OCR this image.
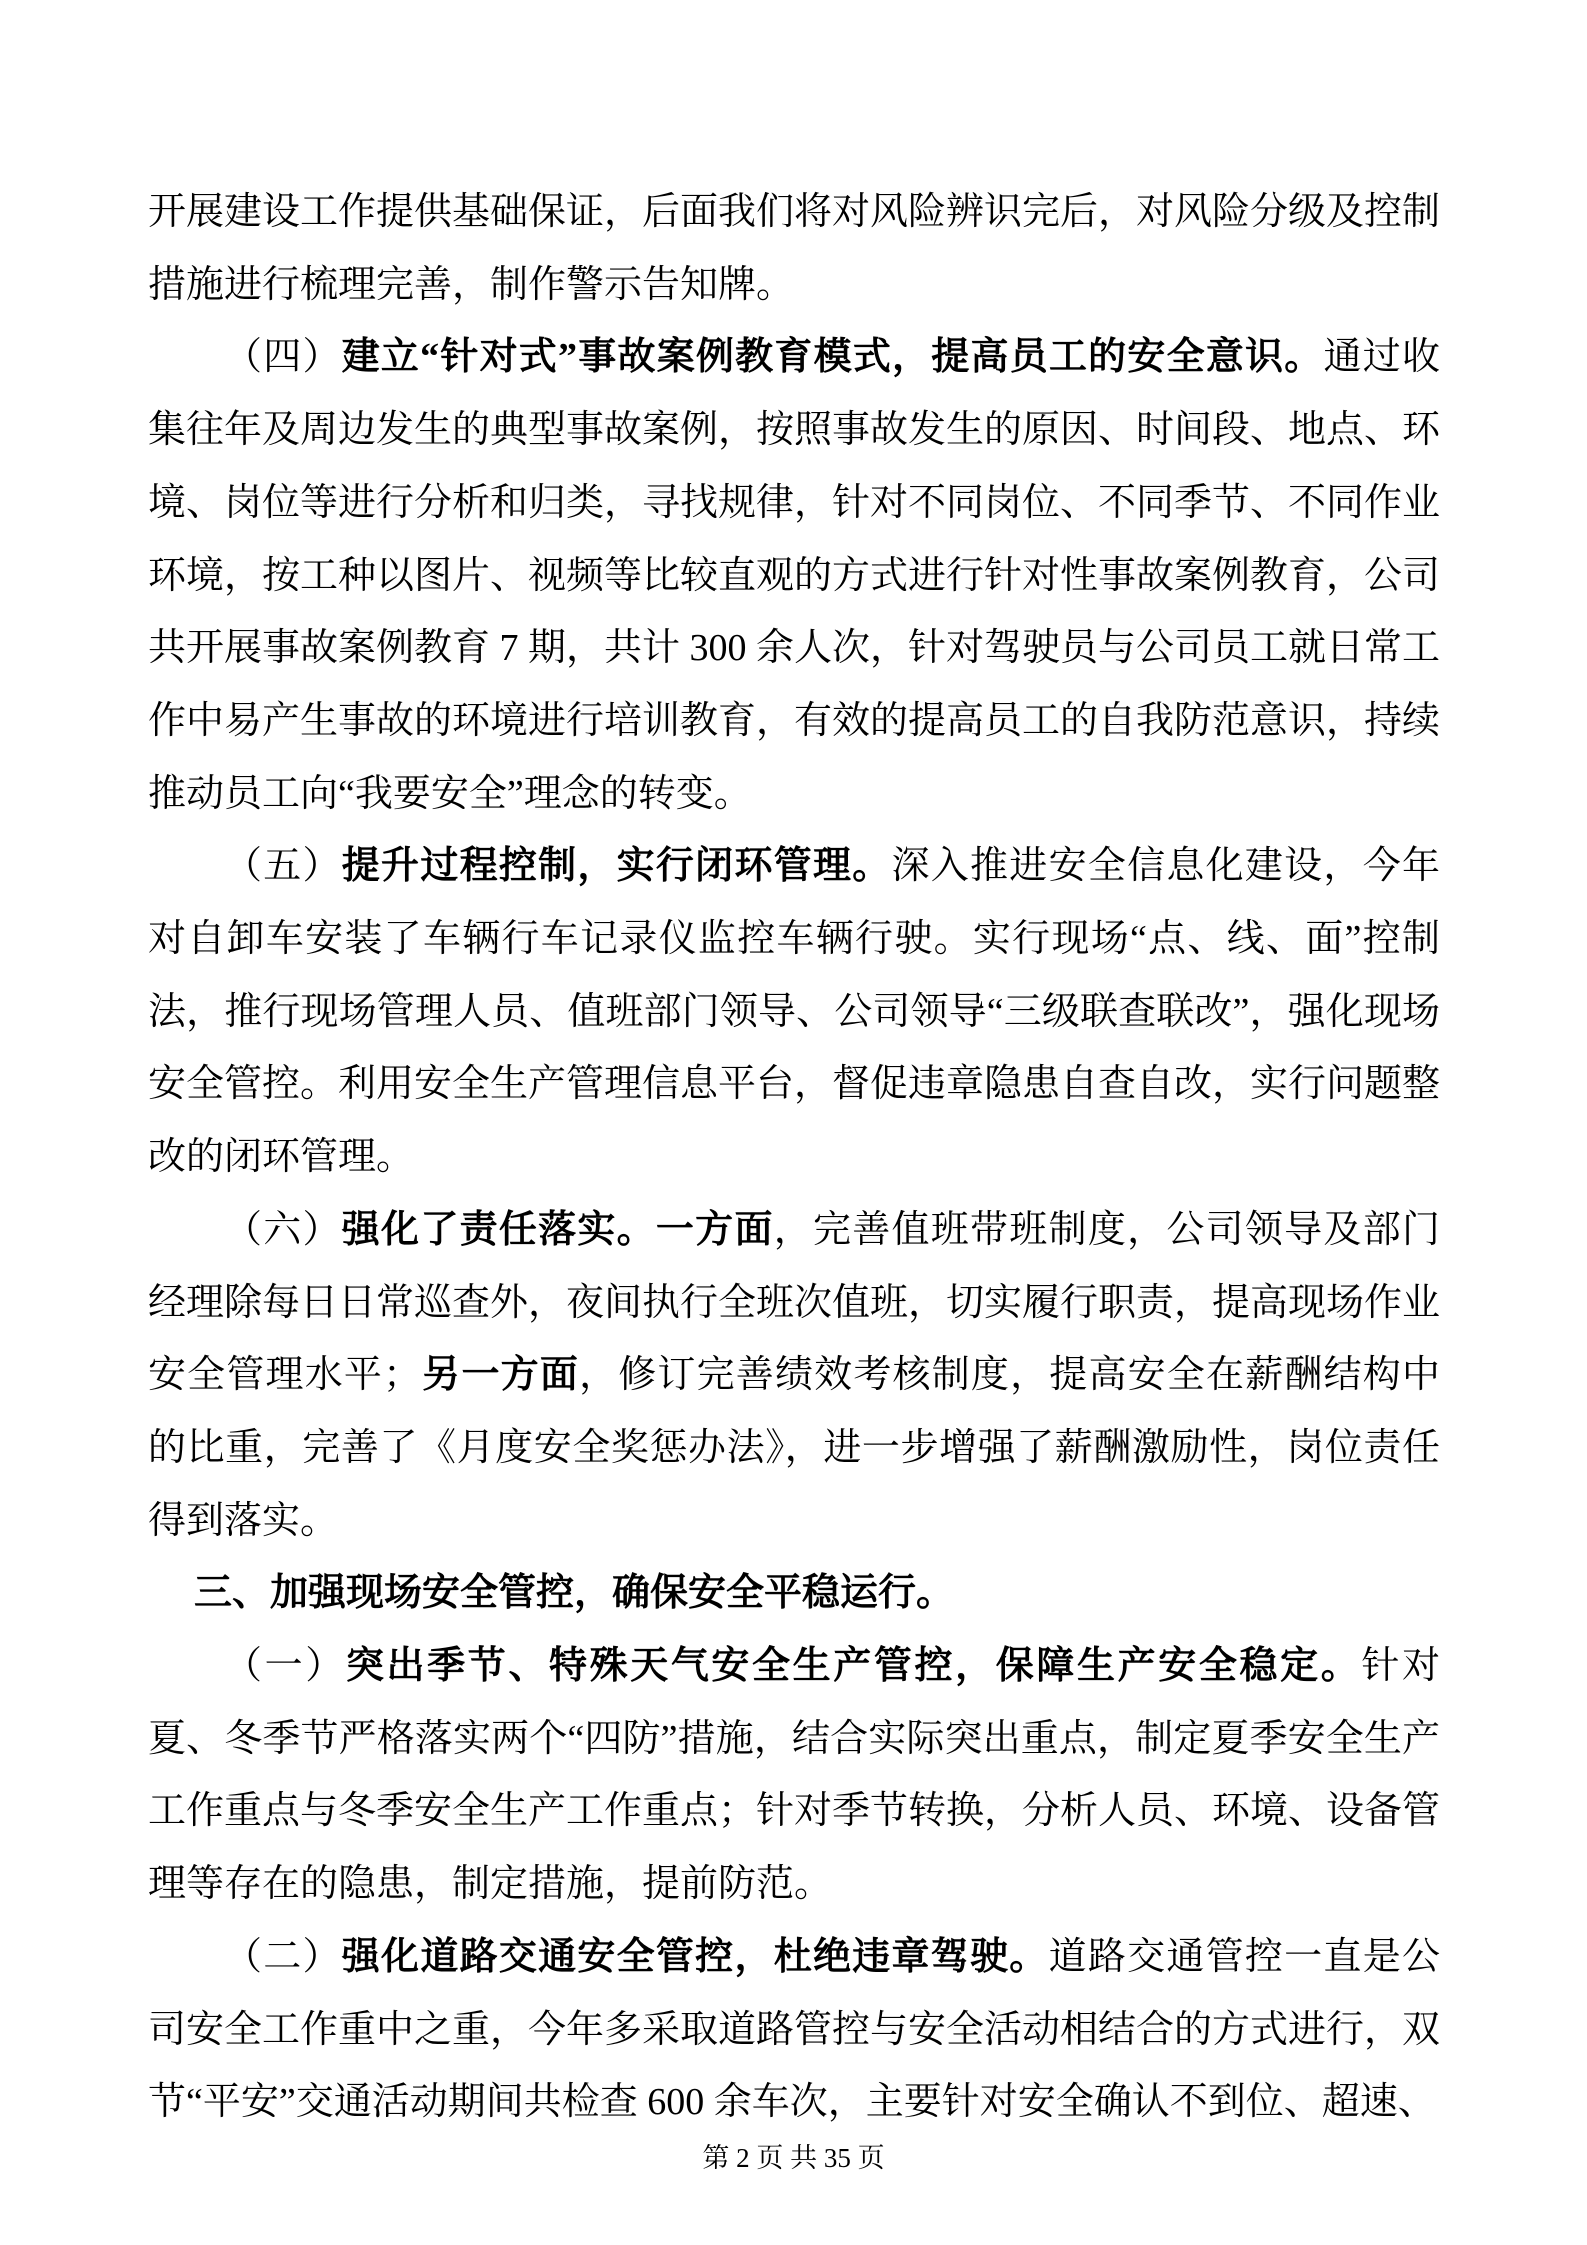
开展建设工作提供基础保证，后面我们将对风险辨识完后，对风险分级及控制措施进行梳理完善，制作警示告知牌。

（四）建立“针对式”事故案例教育模式，提高员工的安全意识。通过收集往年及周边发生的典型事故案例，按照事故发生的原因、时间段、地点、环境、岗位等进行分析和归类，寻找规律，针对不同岗位、不同季节、不同作业环境，按工种以图片、视频等比较直观的方式进行针对性事故案例教育，公司共开展事故案例教育 7 期，共计 300 余人次，针对驾驶员与公司员工就日常工作中易产生事故的环境进行培训教育，有效的提高员工的自我防范意识，持续推动员工向“我要安全”理念的转变。

（五）提升过程控制，实行闭环管理。深入推进安全信息化建设，今年对自卸车安装了车辆行车记录仪监控车辆行驶。实行现场“点、线、面”控制法，推行现场管理人员、值班部门领导、公司领导“三级联查联改”，强化现场安全管控。利用安全生产管理信息平台，督促违章隐患自查自改，实行问题整改的闭环管理。

（六）强化了责任落实。一方面，完善值班带班制度，公司领导及部门经理除每日日常巡查外，夜间执行全班次值班，切实履行职责，提高现场作业安全管理水平；另一方面，修订完善绩效考核制度，提高安全在薪酬结构中的比重，完善了《月度安全奖惩办法》，进一步增强了薪酬激励性，岗位责任得到落实。

三、加强现场安全管控，确保安全平稳运行。

（一）突出季节、特殊天气安全生产管控，保障生产安全稳定。针对夏、冬季节严格落实两个“四防”措施，结合实际突出重点，制定夏季安全生产工作重点与冬季安全生产工作重点；针对季节转换，分析人员、环境、设备管理等存在的隐患，制定措施，提前防范。

（二）强化道路交通安全管控，杜绝违章驾驶。道路交通管控一直是公司安全工作重中之重，今年多采取道路管控与安全活动相结合的方式进行，双节“平安”交通活动期间共检查 600 余车次，主要针对安全确认不到位、超速、

第 2 页 共 35 页
